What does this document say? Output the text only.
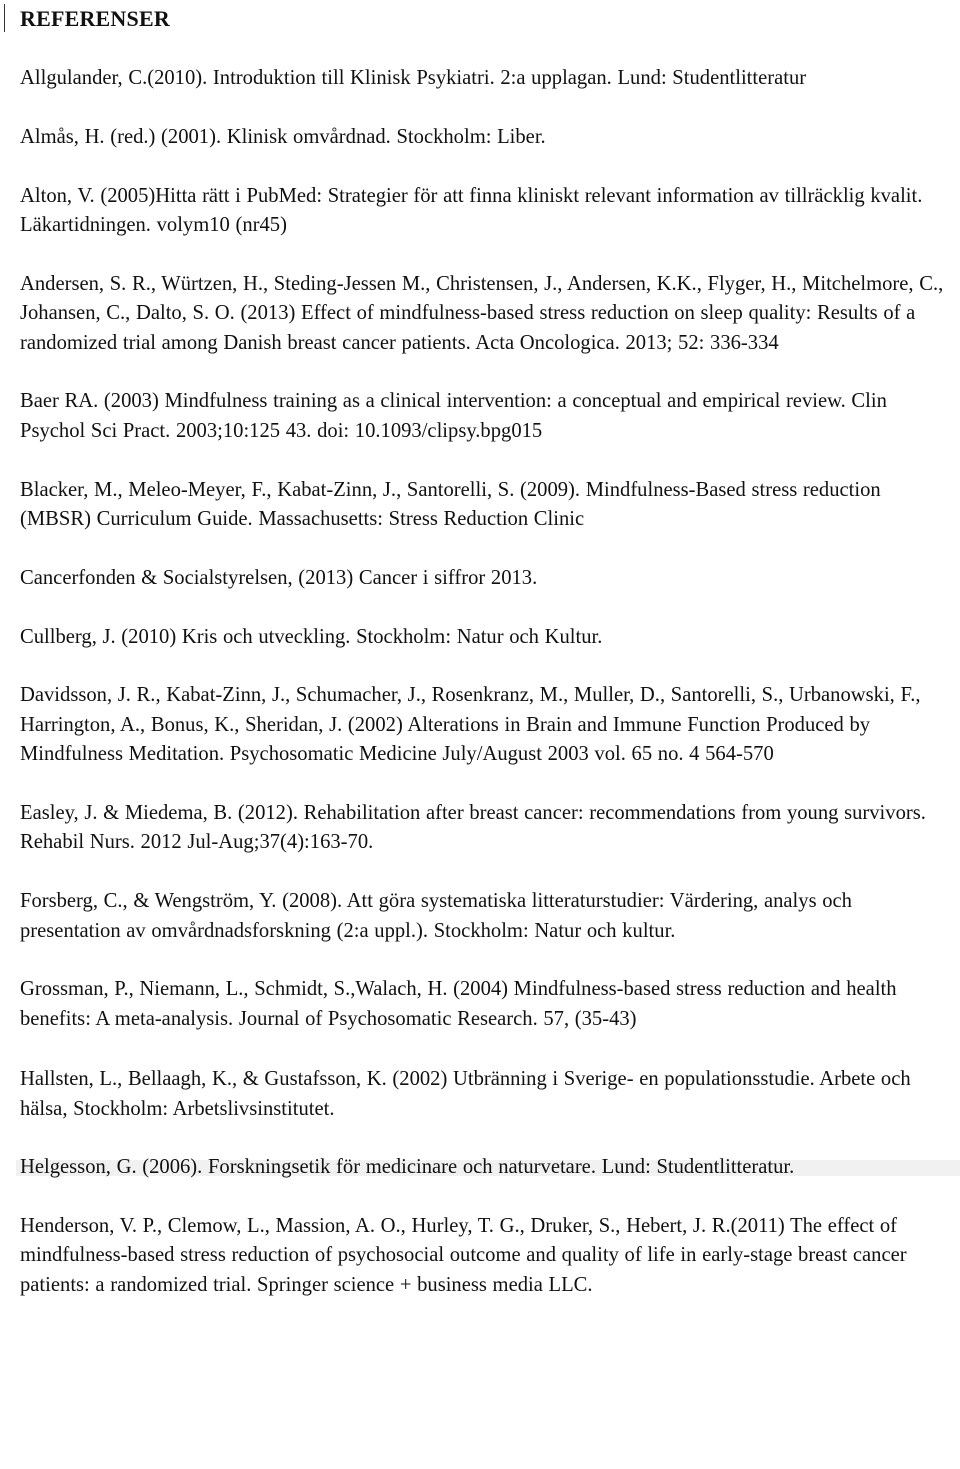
REFERENSER

Allgulander, C.(2010). Introduktion till Klinisk Psykiatri. 2:a upplagan. Lund: Studentlitteratur

Almås, H. (red.) (2001). Klinisk omvårdnad. Stockholm: Liber.

Alton, V. (2005)Hitta rätt i PubMed: Strategier för att finna kliniskt relevant information av tillräcklig kvalit. Läkartidningen. volym10 (nr45)

Andersen, S. R., Würtzen, H., Steding-Jessen M., Christensen, J., Andersen, K.K., Flyger, H., Mitchelmore, C., Johansen, C., Dalto, S. O. (2013) Effect of mindfulness-based stress reduction on sleep quality: Results of a randomized trial among Danish breast cancer patients. Acta Oncologica. 2013; 52: 336-334

Baer RA. (2003) Mindfulness training as a clinical intervention: a conceptual and empirical review. Clin Psychol Sci Pract. 2003;10:125 43. doi: 10.1093/clipsy.bpg015

Blacker, M., Meleo-Meyer, F., Kabat-Zinn, J., Santorelli, S. (2009). Mindfulness-Based stress reduction (MBSR) Curriculum Guide. Massachusetts: Stress Reduction Clinic

Cancerfonden & Socialstyrelsen, (2013) Cancer i siffror 2013.

Cullberg, J. (2010) Kris och utveckling. Stockholm: Natur och Kultur.

Davidsson, J. R., Kabat-Zinn, J., Schumacher, J., Rosenkranz, M., Muller, D., Santorelli, S., Urbanowski, F., Harrington, A., Bonus, K., Sheridan, J. (2002) Alterations in Brain and Immune Function Produced by Mindfulness Meditation. Psychosomatic Medicine July/August 2003 vol. 65 no. 4 564-570

Easley, J. & Miedema, B. (2012). Rehabilitation after breast cancer: recommendations from young survivors. Rehabil Nurs. 2012 Jul-Aug;37(4):163-70.

Forsberg, C., & Wengström, Y. (2008). Att göra systematiska litteraturstudier: Värdering, analys och presentation av omvårdnadsforskning (2:a uppl.). Stockholm: Natur och kultur.

Grossman, P., Niemann, L., Schmidt, S.,Walach, H. (2004) Mindfulness-based stress reduction and health benefits: A meta-analysis. Journal of Psychosomatic Research. 57, (35-43)

Hallsten, L., Bellaagh, K., & Gustafsson, K. (2002) Utbränning i Sverige- en populationsstudie. Arbete och hälsa, Stockholm: Arbetslivsinstitutet.

Helgesson, G. (2006). Forskningsetik för medicinare och naturvetare. Lund: Studentlitteratur.

Henderson, V. P., Clemow, L., Massion, A. O., Hurley, T. G., Druker, S., Hebert, J. R.(2011) The effect of mindfulness-based stress reduction of psychosocial outcome and quality of life in early-stage breast cancer patients: a randomized trial. Springer science + business media LLC.
